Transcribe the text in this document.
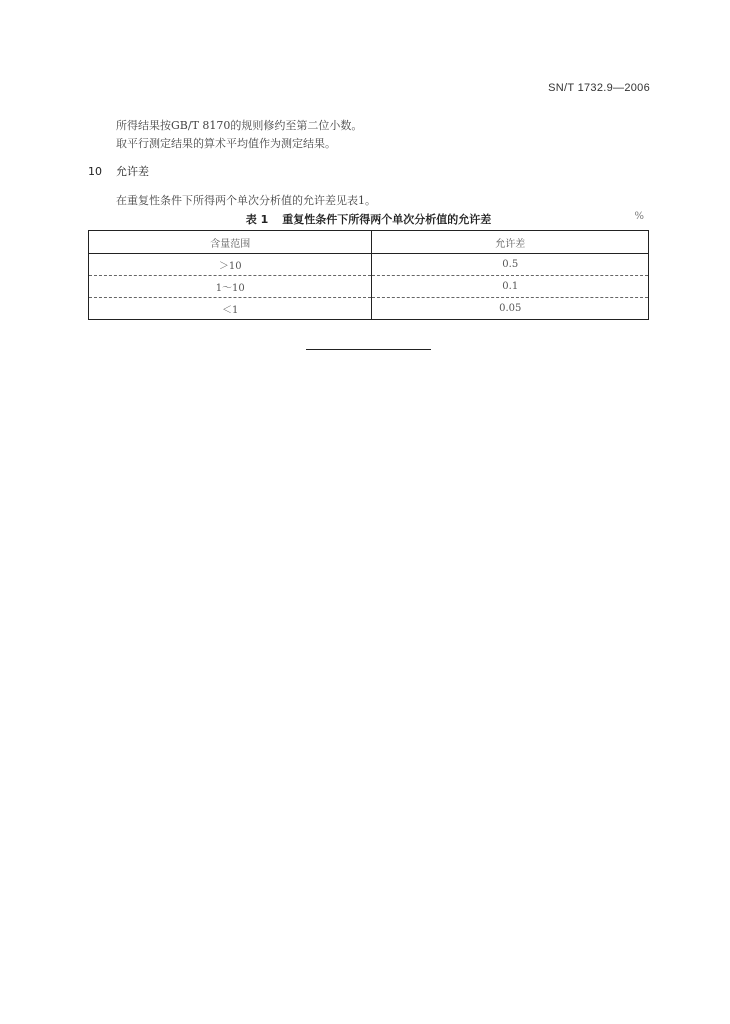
SN/T 1732.9—2006
所得结果按GB/T 8170的规则修约至第二位小数。
取平行测定结果的算术平均值作为测定结果。
10 允许差
在重复性条件下所得两个单次分析值的允许差见表1。
表 1 重复性条件下所得两个单次分析值的允许差	%
含量范围	允许差
＞10	0.5
1～10	0.1
＜1	0.05
